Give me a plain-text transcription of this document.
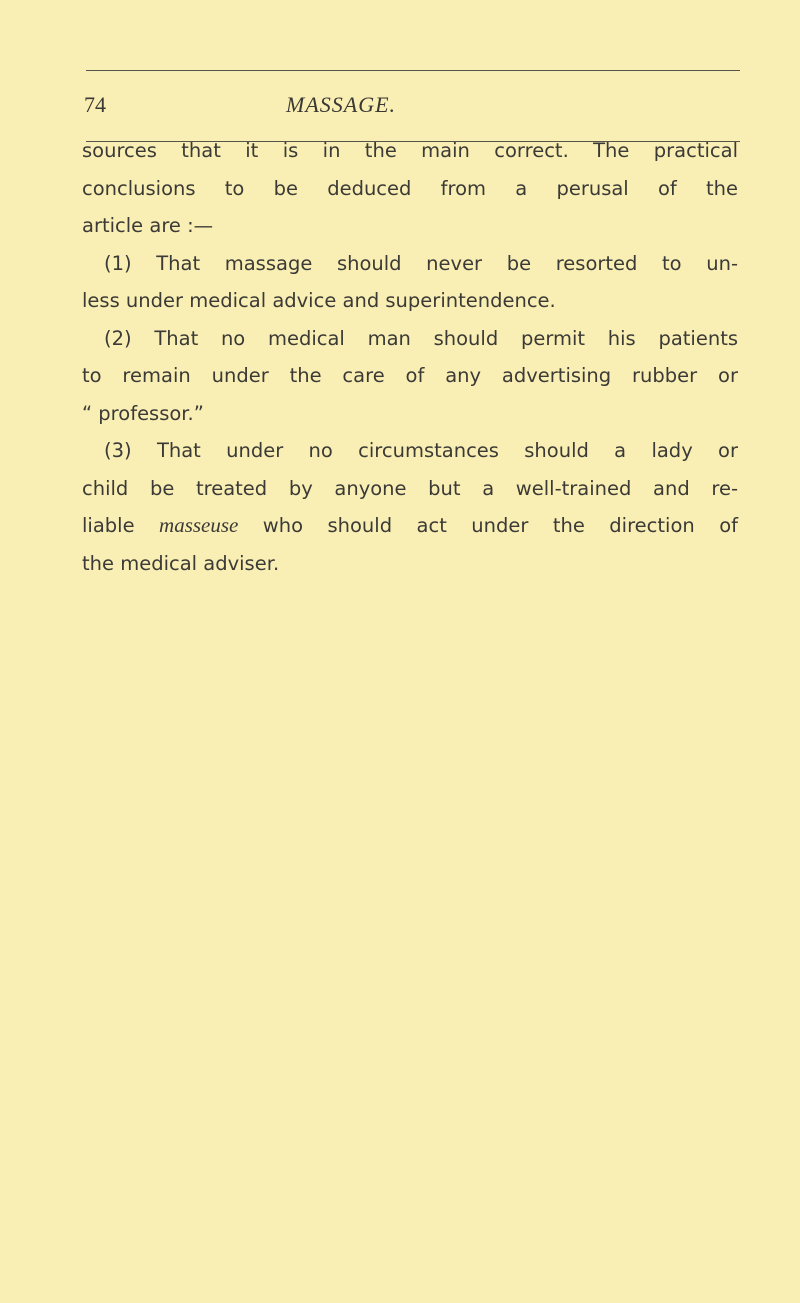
74	MASSAGE.
sources that it is in the main correct. The practical
conclusions to be deduced from a perusal of the
article are :—
(1) That massage should never be resorted to un-
less under medical advice and superintendence.
(2) That no medical man should permit his patients
to remain under the care of any advertising rubber or
“ professor.”
(3) That under no circumstances should a lady or
child be treated by anyone but a well-trained and re-
liable masseuse who should act under the direction of
the medical adviser.
